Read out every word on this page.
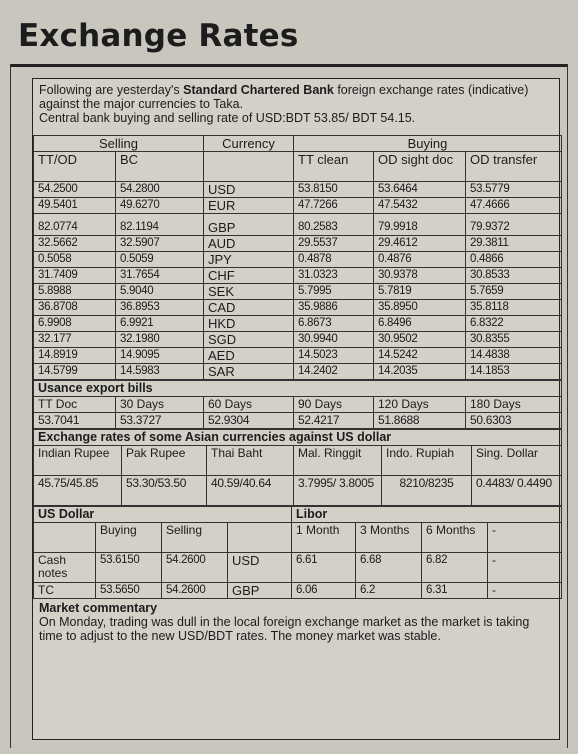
Exchange Rates
Following are yesterday's Standard Chartered Bank foreign exchange rates (indicative) against the major currencies to Taka.
Central bank buying and selling rate of USD:BDT 53.85/ BDT 54.15.
Selling		Currency	Buying		
TT/OD	BC		TT clean	OD sight doc	OD transfer
54.2500	54.2800	USD	53.8150	53.6464	53.5779
49.5401	49.6270	EUR	47.7266	47.5432	47.4666
82.0774	82.1194	GBP	80.2583	79.9918	79.9372
32.5662	32.5907	AUD	29.5537	29.4612	29.3811
0.5058	0.5059	JPY	0.4878	0.4876	0.4866
31.7409	31.7654	CHF	31.0323	30.9378	30.8533
5.8988	5.9040	SEK	5.7995	5.7819	5.7659
36.8708	36.8953	CAD	35.9886	35.8950	35.8118
6.9908	6.9921	HKD	6.8673	6.8496	6.8322
32.177	32.1980	SGD	30.9940	30.9502	30.8355
14.8919	14.9095	AED	14.5023	14.5242	14.4838
14.5799	14.5983	SAR	14.2402	14.2035	14.1853
Usance export bills					
TT Doc	30 Days	60 Days	90 Days	120 Days	180 Days
53.7041	53.3727	52.9304	52.4217	51.8688	50.6303
Exchange rates of some Asian currencies against US dollar					
Indian Rupee	Pak Rupee	Thai Baht	Mal. Ringgit	Indo. Rupiah	Sing. Dollar
45.75/45.85	53.30/53.50	40.59/40.64	3.7995/ 3.8005	8210/8235	0.4483/ 0.4490
US Dollar				Libor			
	Buying	Selling		1 Month	3 Months	6 Months	-
Cash notes	53.6150	54.2600	USD	6.61	6.68	6.82	-
TC	53.5650	54.2600	GBP	6.06	6.2	6.31	-
Market commentary
On Monday, trading was dull in the local foreign exchange market as the market is taking time to adjust to the new USD/BDT rates. The money market was stable.
